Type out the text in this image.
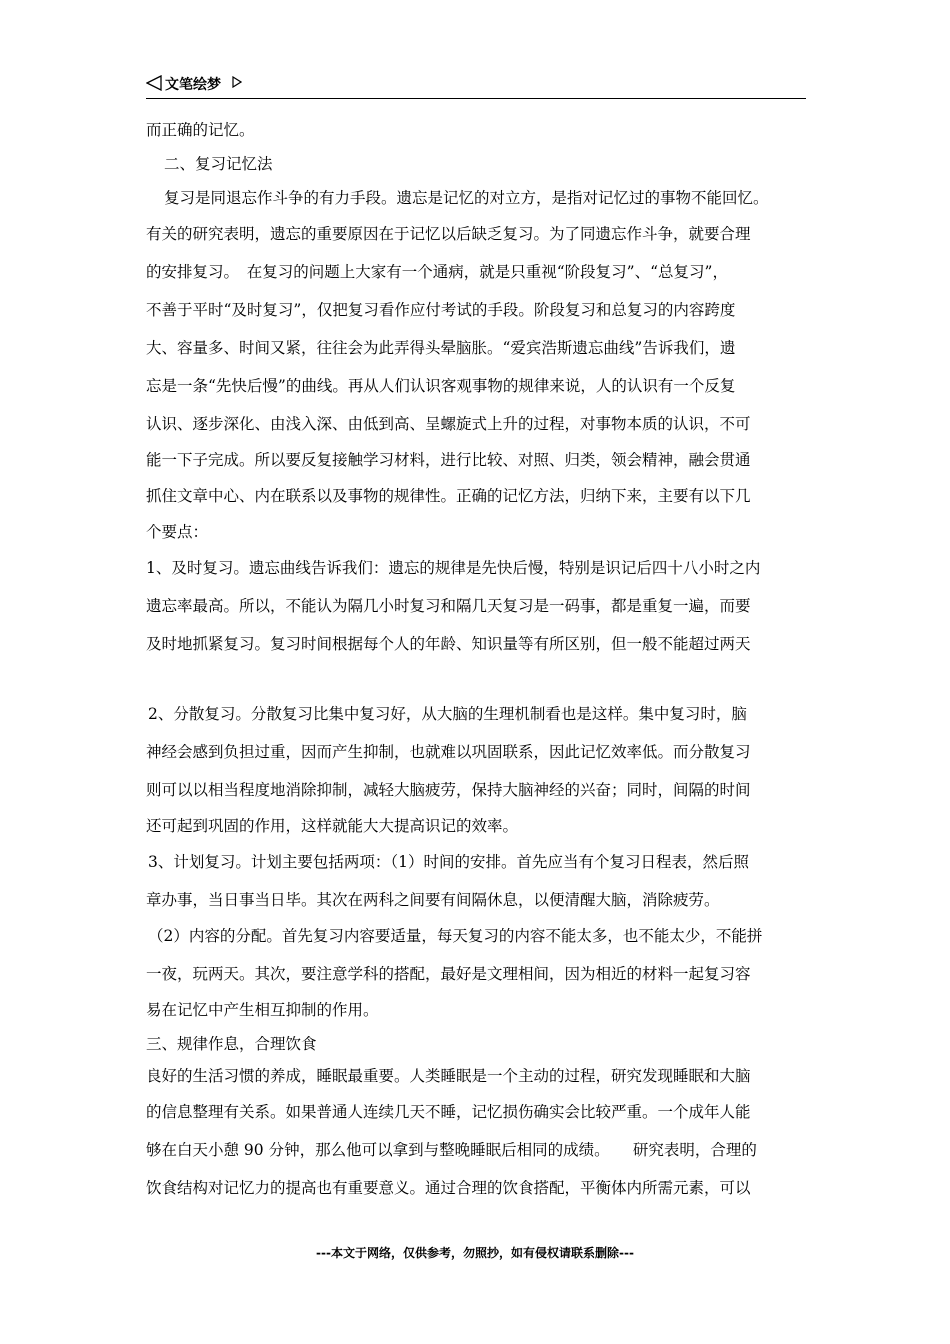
文笔绘梦
而正确的记忆。
二、复习记忆法
复习是同退忘作斗争的有力手段。遗忘是记忆的对立方，是指对记忆过的事物不能回忆。
有关的研究表明，遗忘的重要原因在于记忆以后缺乏复习。为了同遗忘作斗争，就要合理
的安排复习。　在复习的问题上大家有一个通病，就是只重视“阶段复习”、“总复习”，
不善于平时“及时复习”，仅把复习看作应付考试的手段。阶段复习和总复习的内容跨度
大、容量多、时间又紧，往往会为此弄得头晕脑胀。“爱宾浩斯遗忘曲线”告诉我们，遗
忘是一条“先快后慢”的曲线。再从人们认识客观事物的规律来说，人的认识有一个反复
认识、逐步深化、由浅入深、由低到高、呈螺旋式上升的过程，对事物本质的认识，不可
能一下子完成。所以要反复接触学习材料，进行比较、对照、归类，领会精神，融会贯通
抓住文章中心、内在联系以及事物的规律性。正确的记忆方法，归纳下来，主要有以下几
个要点：
1、及时复习。遗忘曲线告诉我们：遗忘的规律是先快后慢，特别是识记后四十八小时之内
遗忘率最高。所以，不能认为隔几小时复习和隔几天复习是一码事，都是重复一遍，而要
及时地抓紧复习。复习时间根据每个人的年龄、知识量等有所区别，但一般不能超过两天
2、分散复习。分散复习比集中复习好，从大脑的生理机制看也是这样。集中复习时，脑
神经会感到负担过重，因而产生抑制，也就难以巩固联系，因此记忆效率低。而分散复习
则可以以相当程度地消除抑制，减轻大脑疲劳，保持大脑神经的兴奋；同时，间隔的时间
还可起到巩固的作用，这样就能大大提高识记的效率。
3、计划复习。计划主要包括两项：（1）时间的安排。首先应当有个复习日程表，然后照
章办事，当日事当日毕。其次在两科之间要有间隔休息，以便清醒大脑，消除疲劳。
（2）内容的分配。首先复习内容要适量，每天复习的内容不能太多，也不能太少，不能拼
一夜，玩两天。其次，要注意学科的搭配，最好是文理相间，因为相近的材料一起复习容
易在记忆中产生相互抑制的作用。
三、规律作息，合理饮食
良好的生活习惯的养成，睡眠最重要。人类睡眠是一个主动的过程，研究发现睡眠和大脑
的信息整理有关系。如果普通人连续几天不睡，记忆损伤确实会比较严重。一个成年人能
够在白天小憩 90 分钟，那么他可以拿到与整晚睡眠后相同的成绩。　　研究表明，合理的
饮食结构对记忆力的提高也有重要意义。通过合理的饮食搭配，平衡体内所需元素，可以
---本文于网络，仅供参考，勿照抄，如有侵权请联系删除---
